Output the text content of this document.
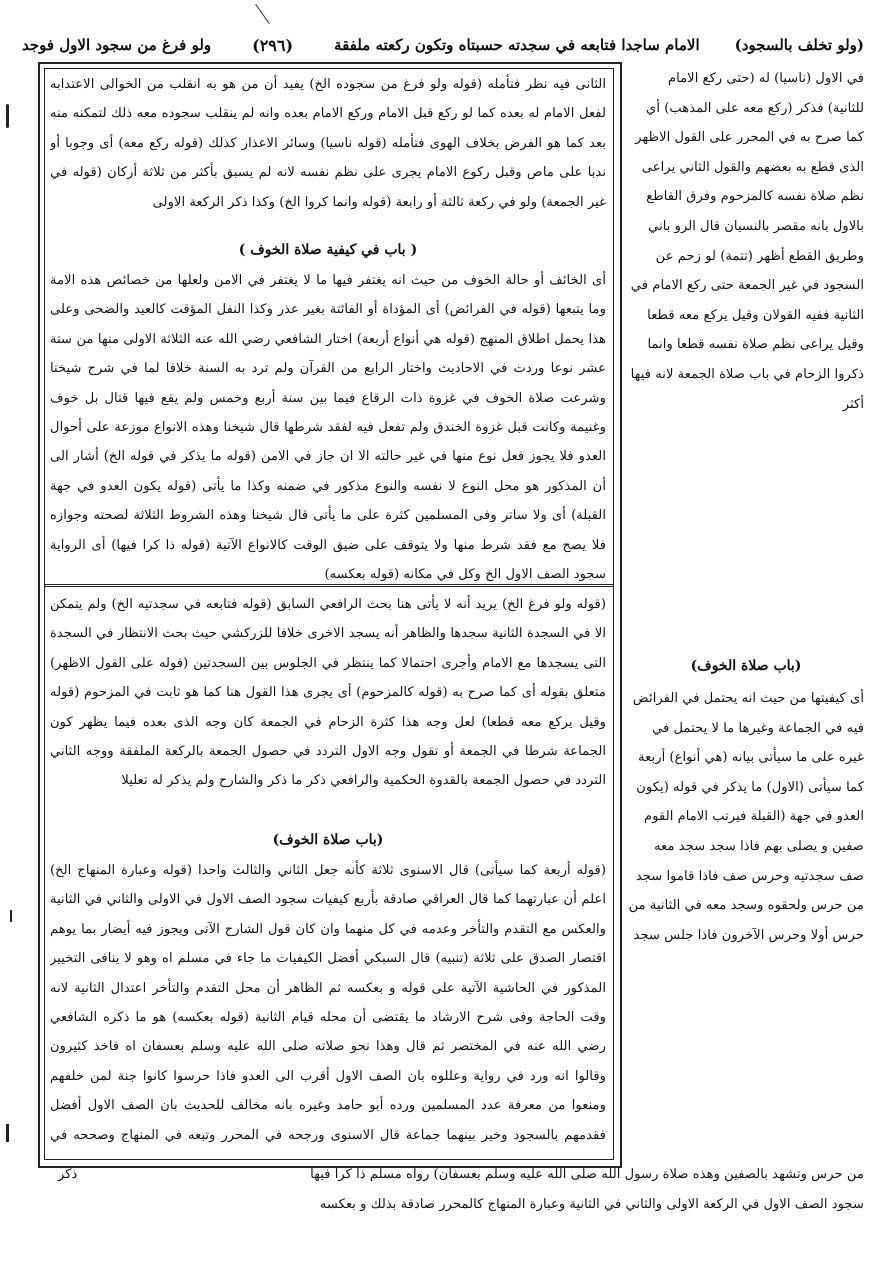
(ولو تخلف بالسجود)
الامام ساجدا فتابعه في سجدته حسبتاه وتكون ركعته ملفقة
(٢٩٦)
ولو فرغ من سجود الاول فوجد
الثانى فيه نظر فتأمله (قوله ولو فرغ من سجوده الخ) يفيد أن من هو به انقلب من الخوالى الاعتدابه لفعل الامام له بعده كما لو ركع قبل الامام وركع الامام بعده وانه لم ينقلب سجوده معه ذلك لتمكنه منه بعد كما هو الفرض بخلاف الهوى فتأمله (قوله ناسيا) وسائر الاعذار كذلك (قوله ركع معه) أى وجوبا أو ندبا على ماص وقبل ركوع الامام يجرى على نظم نفسه لانه لم يسبق بأكثر من ثلاثة أركان (قوله في غير الجمعة) ولو في ركعة ثالثة أو رابعة (قوله وانما كروا الخ) وكذا ذكر الركعة الاولى
( باب في كيفية صلاة الخوف )
أى الخائف أو حالة الخوف من حيث انه يغتفر فيها ما لا يغتفر في الامن ولعلها من خصائص هذه الامة وما يتبعها (قوله في الفرائض) أى المؤداة أو الفائتة بغير عذر وكذا النفل المؤقت كالعيد والضحى وعلى هذا يحمل اطلاق المنهج (قوله هي أنواع أربعة) اختار الشافعي رضي الله عنه الثلاثة الاولى منها من ستة عشر نوعا وردت في الاحاديث واختار الرابع من القرآن ولم ترد به السنة خلافا لما في شرح شيخنا وشرعت صلاة الخوف في غزوة ذات الرقاع فيما بين سنة أربع وخمس ولم يقع فيها قتال بل خوف وغنيمة وكانت قبل غزوة الخندق ولم تفعل فيه لفقد شرطها قال شيخنا وهذه الانواع موزعة على أحوال العدو فلا يجوز فعل نوع منها في غير حالته الا ان جاز في الامن (قوله ما يذكر في قوله الخ) أشار الى أن المذكور هو محل النوع لا نفسه والنوع مذكور في ضمنه وكذا ما يأتى (قوله يكون العدو في جهة القبلة) أى ولا ساتر وفى المسلمين كثرة على ما يأتى قال شيخنا وهذه الشروط الثلاثة لصحته وجوازه فلا يصح مع فقد شرط منها ولا يتوقف على ضيق الوقت كالانواع الآتية (قوله ذا كرا فيها) أى الرواية سجود الصف الاول الخ وكل في مكانه (قوله بعكسه)
(قوله ولو فرغ الخ) يريد أنه لا يأتى هنا بحث الرافعي السابق (قوله فتابعه في سجدتيه الخ) ولم يتمكن الا في السجدة الثانية سجدها والظاهر أنه يسجد الاخرى خلافا للزركشي حيث بحث الانتظار في السجدة التى يسجدها مع الامام وأجرى احتمالا كما ينتظر في الجلوس بين السجدتين (قوله على القول الاظهر) متعلق بقوله أى كما صرح به (قوله كالمزحوم) أى يجرى هذا القول هنا كما هو ثابت في المزحوم (قوله وقيل يركع معه قطعا) لعل وجه هذا كثرة الزحام في الجمعة كان وجه الذى بعده فيما يظهر كون الجماعة شرطا في الجمعة أو تقول وجه الاول التردد في حصول الجمعة بالركعة الملفقة ووجه الثاني التردد في حصول الجمعة بالقدوة الحكمية والرافعي ذكر ما ذكر والشارح ولم يذكر له تعليلا
(باب صلاة الخوف)
(قوله أربعة كما سيأتى) قال الاسنوى ثلاثة كأنه جعل الثاني والثالث واحدا (قوله وعبارة المنهاج الخ) اعلم أن عبارتهما كما قال العراقي صادقة بأربع كيفيات سجود الصف الاول في الاولى والثاني في الثانية والعكس مع التقدم والتأخر وعدمه في كل منهما وان كان قول الشارح الآتى ويجوز فيه أيضار بما يوهم اقتصار الصدق على ثلاثة (تنبيه) قال السبكي أفضل الكيفيات ما جاء في مسلم اه وهو لا ينافى التخيير المذكور في الحاشية الآتية على قوله و بعكسه ثم الظاهر أن محل التقدم والتأخر اعتدال الثانية لانه وقت الحاجة وفى شرح الارشاد ما يقتضى أن محله قيام الثانية (قوله بعكسه) هو ما ذكره الشافعي رضي الله عنه في المختصر ثم قال وهذا نحو صلاته صلى الله عليه وسلم بعسفان اه فاخذ كثيرون وقالوا انه ورد في رواية وعللوه بان الصف الاول أقرب الى العدو فاذا حرسوا كانوا جنة لمن خلفهم ومنعوا من معرفة عدد المسلمين ورده أبو حامد وغيره بانه مخالف للحديث بان الصف الاول أفضل فقدمهم بالسجود وخير بينهما جماعة قال الاسنوى ورجحه في المحرر وتبعه في المنهاج وصححه في
في الاول (ناسيا) له (حتى ركع الامام للثانية) فذكر (ركع معه على المذهب) أي كما صرح به في المحرر على القول الاظهر الذى قطع به بعضهم والقول الثاني يراعى نظم صلاة نفسه كالمزحوم وفرق القاطع بالاول بانه مقصر بالنسيان قال الرو باني وطريق القطع أظهر (تتمة) لو زحم عن السجود في غير الجمعة حتى ركع الامام في الثانية ففيه القولان وقيل يركع معه قطعا وقيل يراعى نظم صلاة نفسه قطعا وانما ذكروا الزحام في باب صلاة الجمعة لانه فيها أكثر
(باب صلاة الخوف)
أى كيفيتها من حيث انه يحتمل في الفرائض فيه في الجماعة وغيرها ما لا يحتمل في غيره على ما سيأتى بيانه (هي أنواع) أربعة كما سيأتى (الاول) ما يذكر في قوله (يكون العدو في جهة (القبلة فيرتب الامام القوم صفين و يصلى بهم فاذا سجد سجد معه صف سجدتيه وحرس صف فاذا قاموا سجد من حرس ولحقوه وسجد معه في الثانية من حرس أولا وحرس الآخرون فاذا جلس سجد
من حرس وتشهد بالصفين وهذه صلاة رسول الله صلى الله عليه وسلم بعسفان) رواه مسلم ذا كرا فيها
ذكر
سجود الصف الاول في الركعة الاولى والثاني في الثانية وعبارة المنهاج كالمحرر صادقة بذلك و بعكسه
